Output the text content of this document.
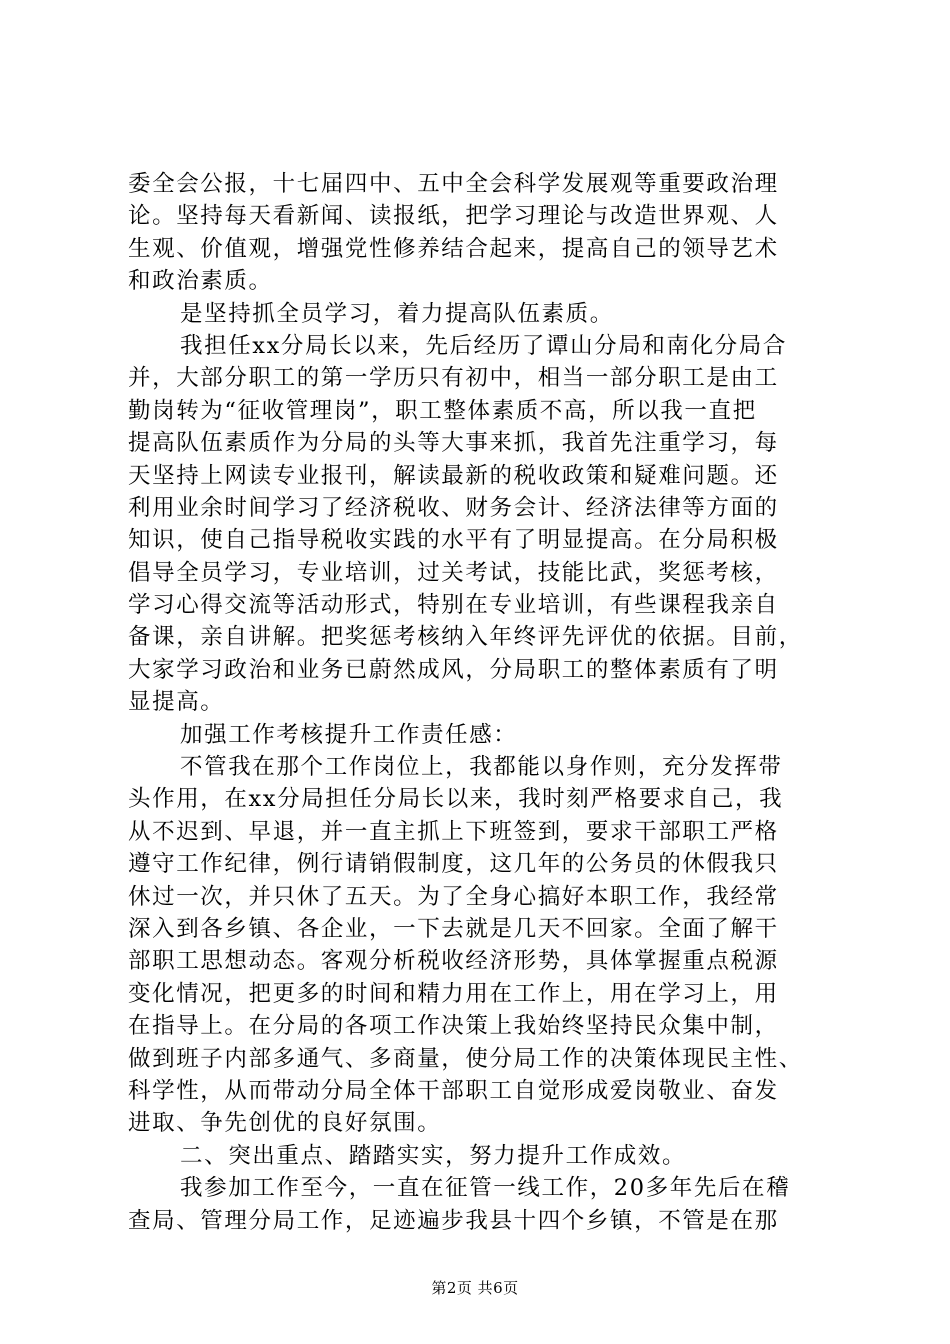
委全会公报，十七届四中、五中全会科学发展观等重要政治理
论。坚持每天看新闻、读报纸，把学习理论与改造世界观、人
生观、价值观，增强党性修养结合起来，提高自己的领导艺术
和政治素质。
是坚持抓全员学习，着力提高队伍素质。
我担任xx分局长以来，先后经历了谭山分局和南化分局合
并，大部分职工的第一学历只有初中，相当一部分职工是由工
勤岗转为“征收管理岗”，职工整体素质不高，所以我一直把
提高队伍素质作为分局的头等大事来抓，我首先注重学习，每
天坚持上网读专业报刊，解读最新的税收政策和疑难问题。还
利用业余时间学习了经济税收、财务会计、经济法律等方面的
知识，使自己指导税收实践的水平有了明显提高。在分局积极
倡导全员学习，专业培训，过关考试，技能比武，奖惩考核，
学习心得交流等活动形式，特别在专业培训，有些课程我亲自
备课，亲自讲解。把奖惩考核纳入年终评先评优的依据。目前，
大家学习政治和业务已蔚然成风，分局职工的整体素质有了明
显提高。
加强工作考核提升工作责任感：
不管我在那个工作岗位上，我都能以身作则，充分发挥带
头作用，在xx分局担任分局长以来，我时刻严格要求自己，我
从不迟到、早退，并一直主抓上下班签到，要求干部职工严格
遵守工作纪律，例行请销假制度，这几年的公务员的休假我只
休过一次，并只休了五天。为了全身心搞好本职工作，我经常
深入到各乡镇、各企业，一下去就是几天不回家。全面了解干
部职工思想动态。客观分析税收经济形势，具体掌握重点税源
变化情况，把更多的时间和精力用在工作上，用在学习上，用
在指导上。在分局的各项工作决策上我始终坚持民众集中制，
做到班子内部多通气、多商量，使分局工作的决策体现民主性、
科学性，从而带动分局全体干部职工自觉形成爱岗敬业、奋发
进取、争先创优的良好氛围。
二、突出重点、踏踏实实，努力提升工作成效。
我参加工作至今，一直在征管一线工作，20多年先后在稽
查局、管理分局工作，足迹遍步我县十四个乡镇，不管是在那
第2页 共6页
